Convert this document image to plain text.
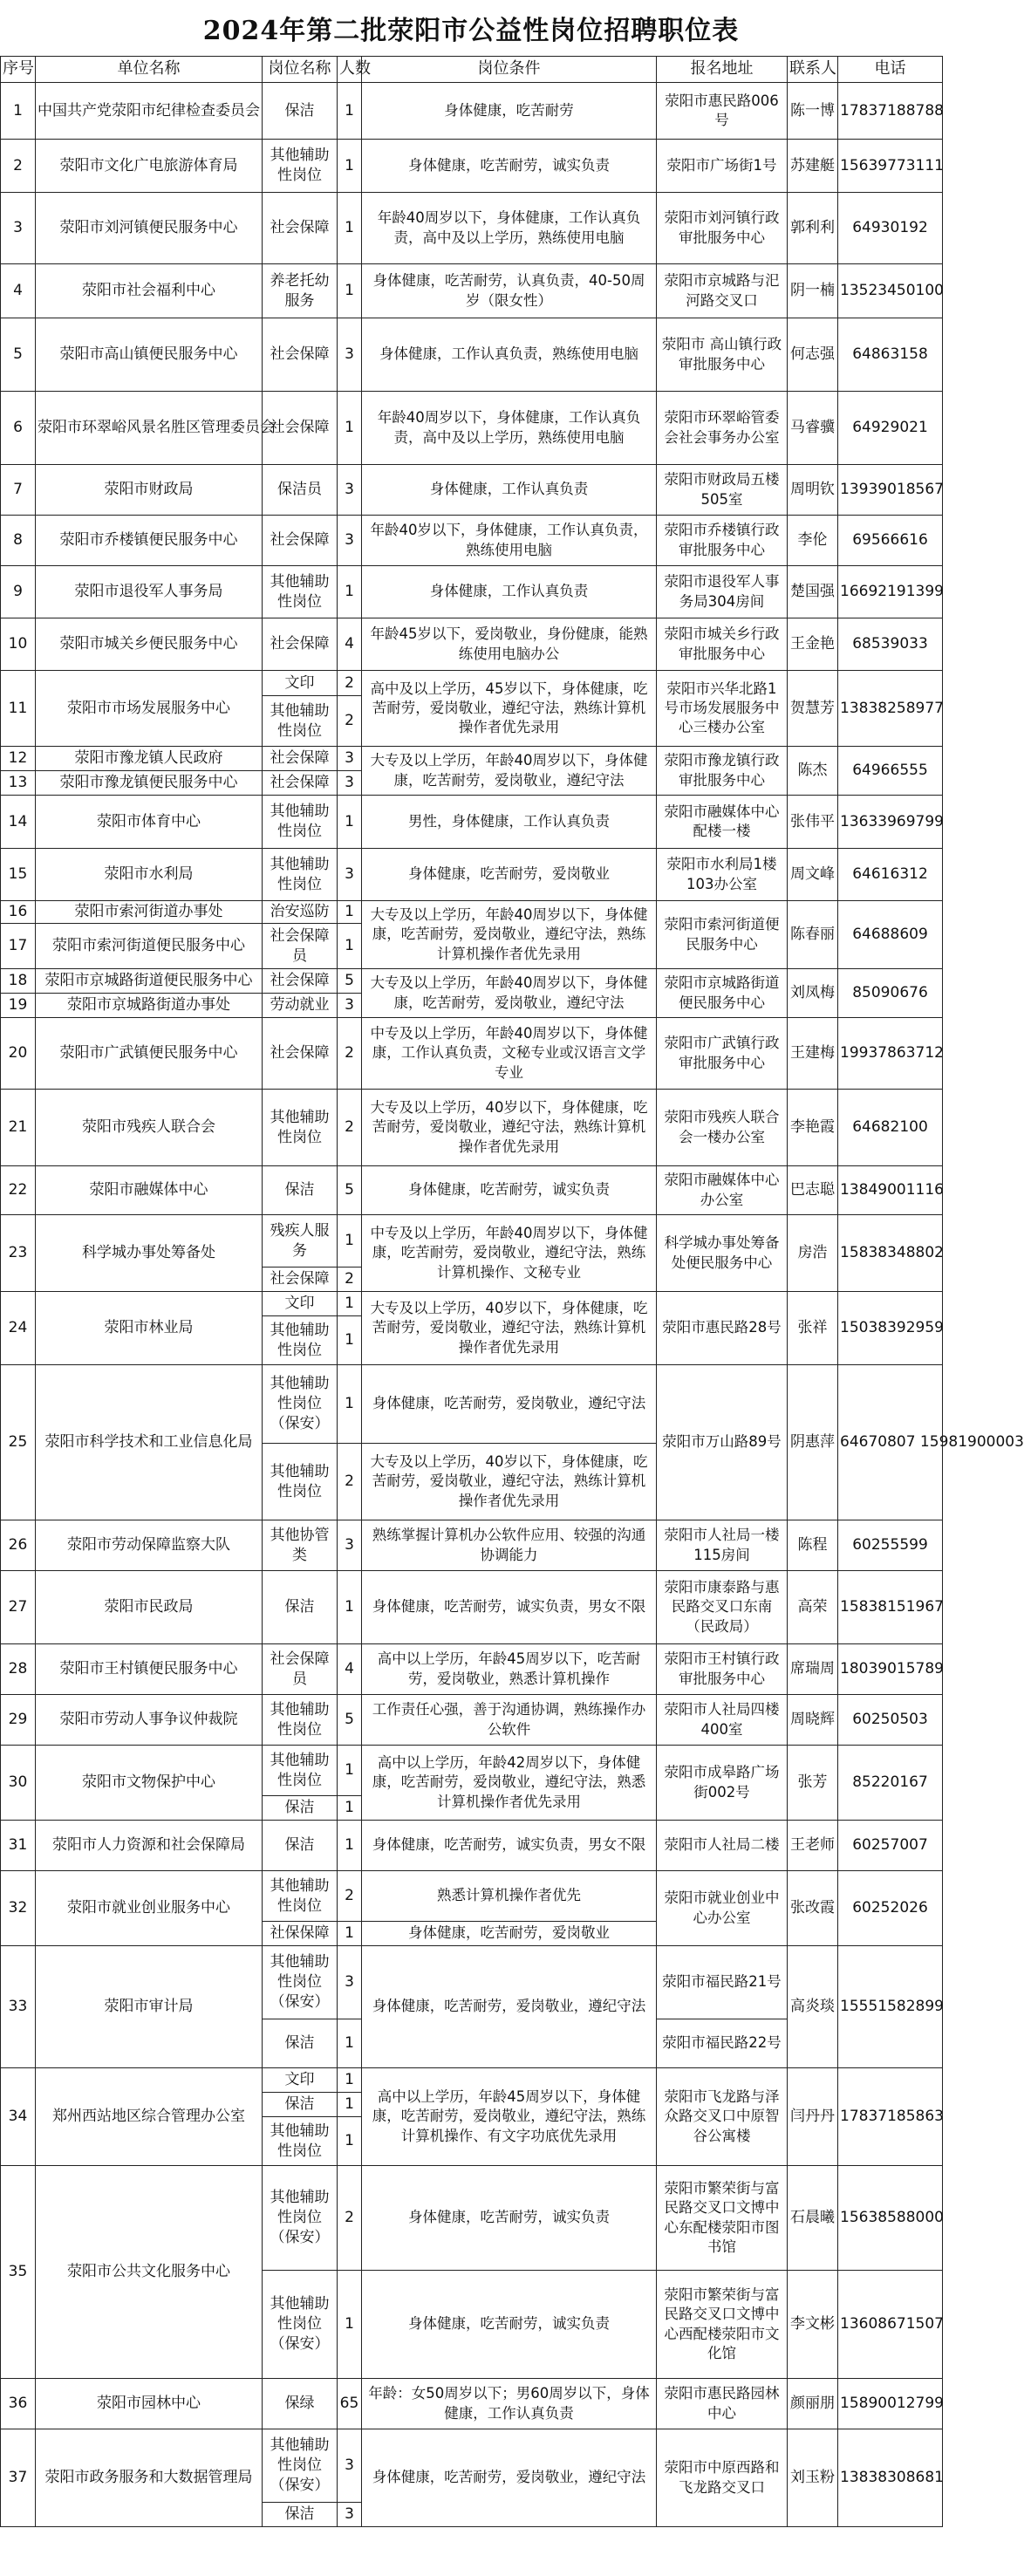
2024年第二批荥阳市公益性岗位招聘职位表
序号	单位名称	岗位名称	人数	岗位条件	报名地址	联系人	电话
1	中国共产党荥阳市纪律检查委员会	保洁	1	身体健康，吃苦耐劳	荥阳市惠民路006号	陈一博	17837188788
2	荥阳市文化广电旅游体育局	其他辅助性岗位	1	身体健康，吃苦耐劳，诚实负责	荥阳市广场街1号	苏建艇	15639773111
3	荥阳市刘河镇便民服务中心	社会保障	1	年龄40周岁以下，身体健康，工作认真负责，高中及以上学历，熟练使用电脑	荥阳市刘河镇行政审批服务中心	郭利利	64930192
4	荥阳市社会福利中心	养老托幼服务	1	身体健康，吃苦耐劳，认真负责，40-50周岁（限女性）	荥阳市京城路与汜河路交叉口	阴一楠	13523450100
5	荥阳市高山镇便民服务中心	社会保障	3	身体健康，工作认真负责，熟练使用电脑	荥阳市 高山镇行政审批服务中心	何志强	64863158
6	荥阳市环翠峪风景名胜区管理委员会	社会保障	1	年龄40周岁以下，身体健康，工作认真负责，高中及以上学历，熟练使用电脑	荥阳市环翠峪管委会社会事务办公室	马睿骥	64929021
7	荥阳市财政局	保洁员	3	身体健康，工作认真负责	荥阳市财政局五楼505室	周明钦	13939018567
8	荥阳市乔楼镇便民服务中心	社会保障	3	年龄40岁以下，身体健康，工作认真负责，熟练使用电脑	荥阳市乔楼镇行政审批服务中心	李伦	69566616
9	荥阳市退役军人事务局	其他辅助性岗位	1	身体健康，工作认真负责	荥阳市退役军人事务局304房间	楚国强	16692191399
10	荥阳市城关乡便民服务中心	社会保障	4	年龄45岁以下，爱岗敬业，身份健康，能熟练使用电脑办公	荥阳市城关乡行政审批服务中心	王金艳	68539033
11	荥阳市市场发展服务中心	文印	2	高中及以上学历，45岁以下，身体健康，吃苦耐劳，爱岗敬业，遵纪守法，熟练计算机操作者优先录用	荥阳市兴华北路1号市场发展服务中心三楼办公室	贺慧芳	13838258977
		其他辅助性岗位	2				
12	荥阳市豫龙镇人民政府	社会保障	3	大专及以上学历，年龄40周岁以下，身体健康，吃苦耐劳，爱岗敬业，遵纪守法	荥阳市豫龙镇行政审批服务中心	陈杰	64966555
13	荥阳市豫龙镇便民服务中心	社会保障	3				
14	荥阳市体育中心	其他辅助性岗位	1	男性，身体健康，工作认真负责	荥阳市融媒体中心配楼一楼	张伟平	13633969799
15	荥阳市水利局	其他辅助性岗位	3	身体健康，吃苦耐劳，爱岗敬业	荥阳市水利局1楼103办公室	周文峰	64616312
16	荥阳市索河街道办事处	治安巡防	1	大专及以上学历，年龄40周岁以下，身体健康，吃苦耐劳，爱岗敬业，遵纪守法，熟练计算机操作者优先录用	荥阳市索河街道便民服务中心	陈春丽	64688609
17	荥阳市索河街道便民服务中心	社会保障员	1				
18	荥阳市京城路街道便民服务中心	社会保障	5	大专及以上学历，年龄40周岁以下，身体健康，吃苦耐劳，爱岗敬业，遵纪守法	荥阳市京城路街道便民服务中心	刘凤梅	85090676
19	荥阳市京城路街道办事处	劳动就业	3				
20	荥阳市广武镇便民服务中心	社会保障	2	中专及以上学历，年龄40周岁以下，身体健康，工作认真负责，文秘专业或汉语言文学专业	荥阳市广武镇行政审批服务中心	王建梅	19937863712
21	荥阳市残疾人联合会	其他辅助性岗位	2	大专及以上学历，40岁以下，身体健康，吃苦耐劳，爱岗敬业，遵纪守法，熟练计算机操作者优先录用	荥阳市残疾人联合会一楼办公室	李艳霞	64682100
22	荥阳市融媒体中心	保洁	5	身体健康，吃苦耐劳，诚实负责	荥阳市融媒体中心办公室	巴志聪	13849001116
23	科学城办事处筹备处	残疾人服务	1	中专及以上学历，年龄40周岁以下，身体健康，吃苦耐劳，爱岗敬业，遵纪守法，熟练计算机操作、文秘专业	科学城办事处筹备处便民服务中心	房浩	15838348802
		社会保障	2				
24	荥阳市林业局	文印	1	大专及以上学历，40岁以下，身体健康，吃苦耐劳，爱岗敬业，遵纪守法，熟练计算机操作者优先录用	荥阳市惠民路28号	张祥	15038392959
		其他辅助性岗位	1				
25	荥阳市科学技术和工业信息化局	其他辅助性岗位（保安）	1	身体健康，吃苦耐劳，爱岗敬业，遵纪守法	荥阳市万山路89号	阴惠萍	64670807 15981900003
		其他辅助性岗位	2	大专及以上学历，40岁以下，身体健康，吃苦耐劳，爱岗敬业，遵纪守法，熟练计算机操作者优先录用			
26	荥阳市劳动保障监察大队	其他协管类	3	熟练掌握计算机办公软件应用、较强的沟通协调能力	荥阳市人社局一楼115房间	陈程	60255599
27	荥阳市民政局	保洁	1	身体健康，吃苦耐劳，诚实负责，男女不限	荥阳市康泰路与惠民路交叉口东南（民政局）	高荣	15838151967
28	荥阳市王村镇便民服务中心	社会保障员	4	高中以上学历，年龄45周岁以下，吃苦耐劳，爱岗敬业，熟悉计算机操作	荥阳市王村镇行政审批服务中心	席瑞周	18039015789
29	荥阳市劳动人事争议仲裁院	其他辅助性岗位	5	工作责任心强，善于沟通协调，熟练操作办公软件	荥阳市人社局四楼400室	周晓辉	60250503
30	荥阳市文物保护中心	其他辅助性岗位	1	高中以上学历，年龄42周岁以下，身体健康，吃苦耐劳，爱岗敬业，遵纪守法，熟悉计算机操作者优先录用	荥阳市成皋路广场街002号	张芳	85220167
		保洁	1				
31	荥阳市人力资源和社会保障局	保洁	1	身体健康，吃苦耐劳，诚实负责，男女不限	荥阳市人社局二楼	王老师	60257007
32	荥阳市就业创业服务中心	其他辅助性岗位	2	熟悉计算机操作者优先	荥阳市就业创业中心办公室	张改霞	60252026
		社保保障	1	身体健康，吃苦耐劳，爱岗敬业			
33	荥阳市审计局	其他辅助性岗位（保安）	3	身体健康，吃苦耐劳，爱岗敬业，遵纪守法	荥阳市福民路21号	高炎琰	15551582899
		保洁	1		荥阳市福民路22号		
34	郑州西站地区综合管理办公室	文印	1	高中以上学历，年龄45周岁以下，身体健康，吃苦耐劳，爱岗敬业，遵纪守法，熟练计算机操作、有文字功底优先录用	荥阳市飞龙路与泽众路交叉口中原智谷公寓楼	闫丹丹	17837185863
		保洁	1				
		其他辅助性岗位	1				
35	荥阳市公共文化服务中心	其他辅助性岗位（保安）	2	身体健康，吃苦耐劳，诚实负责	荥阳市繁荣街与富民路交叉口文博中心东配楼荥阳市图书馆	石晨曦	15638588000
		其他辅助性岗位（保安）	1	身体健康，吃苦耐劳，诚实负责	荥阳市繁荣街与富民路交叉口文博中心西配楼荥阳市文化馆	李文彬	13608671507
36	荥阳市园林中心	保绿	65	年龄：女50周岁以下；男60周岁以下，身体健康，工作认真负责	荥阳市惠民路园林中心	颜丽朋	15890012799
37	荥阳市政务服务和大数据管理局	其他辅助性岗位（保安）	3	身体健康，吃苦耐劳，爱岗敬业，遵纪守法	荥阳市中原西路和飞龙路交叉口	刘玉粉	13838308681
		保洁	3				
